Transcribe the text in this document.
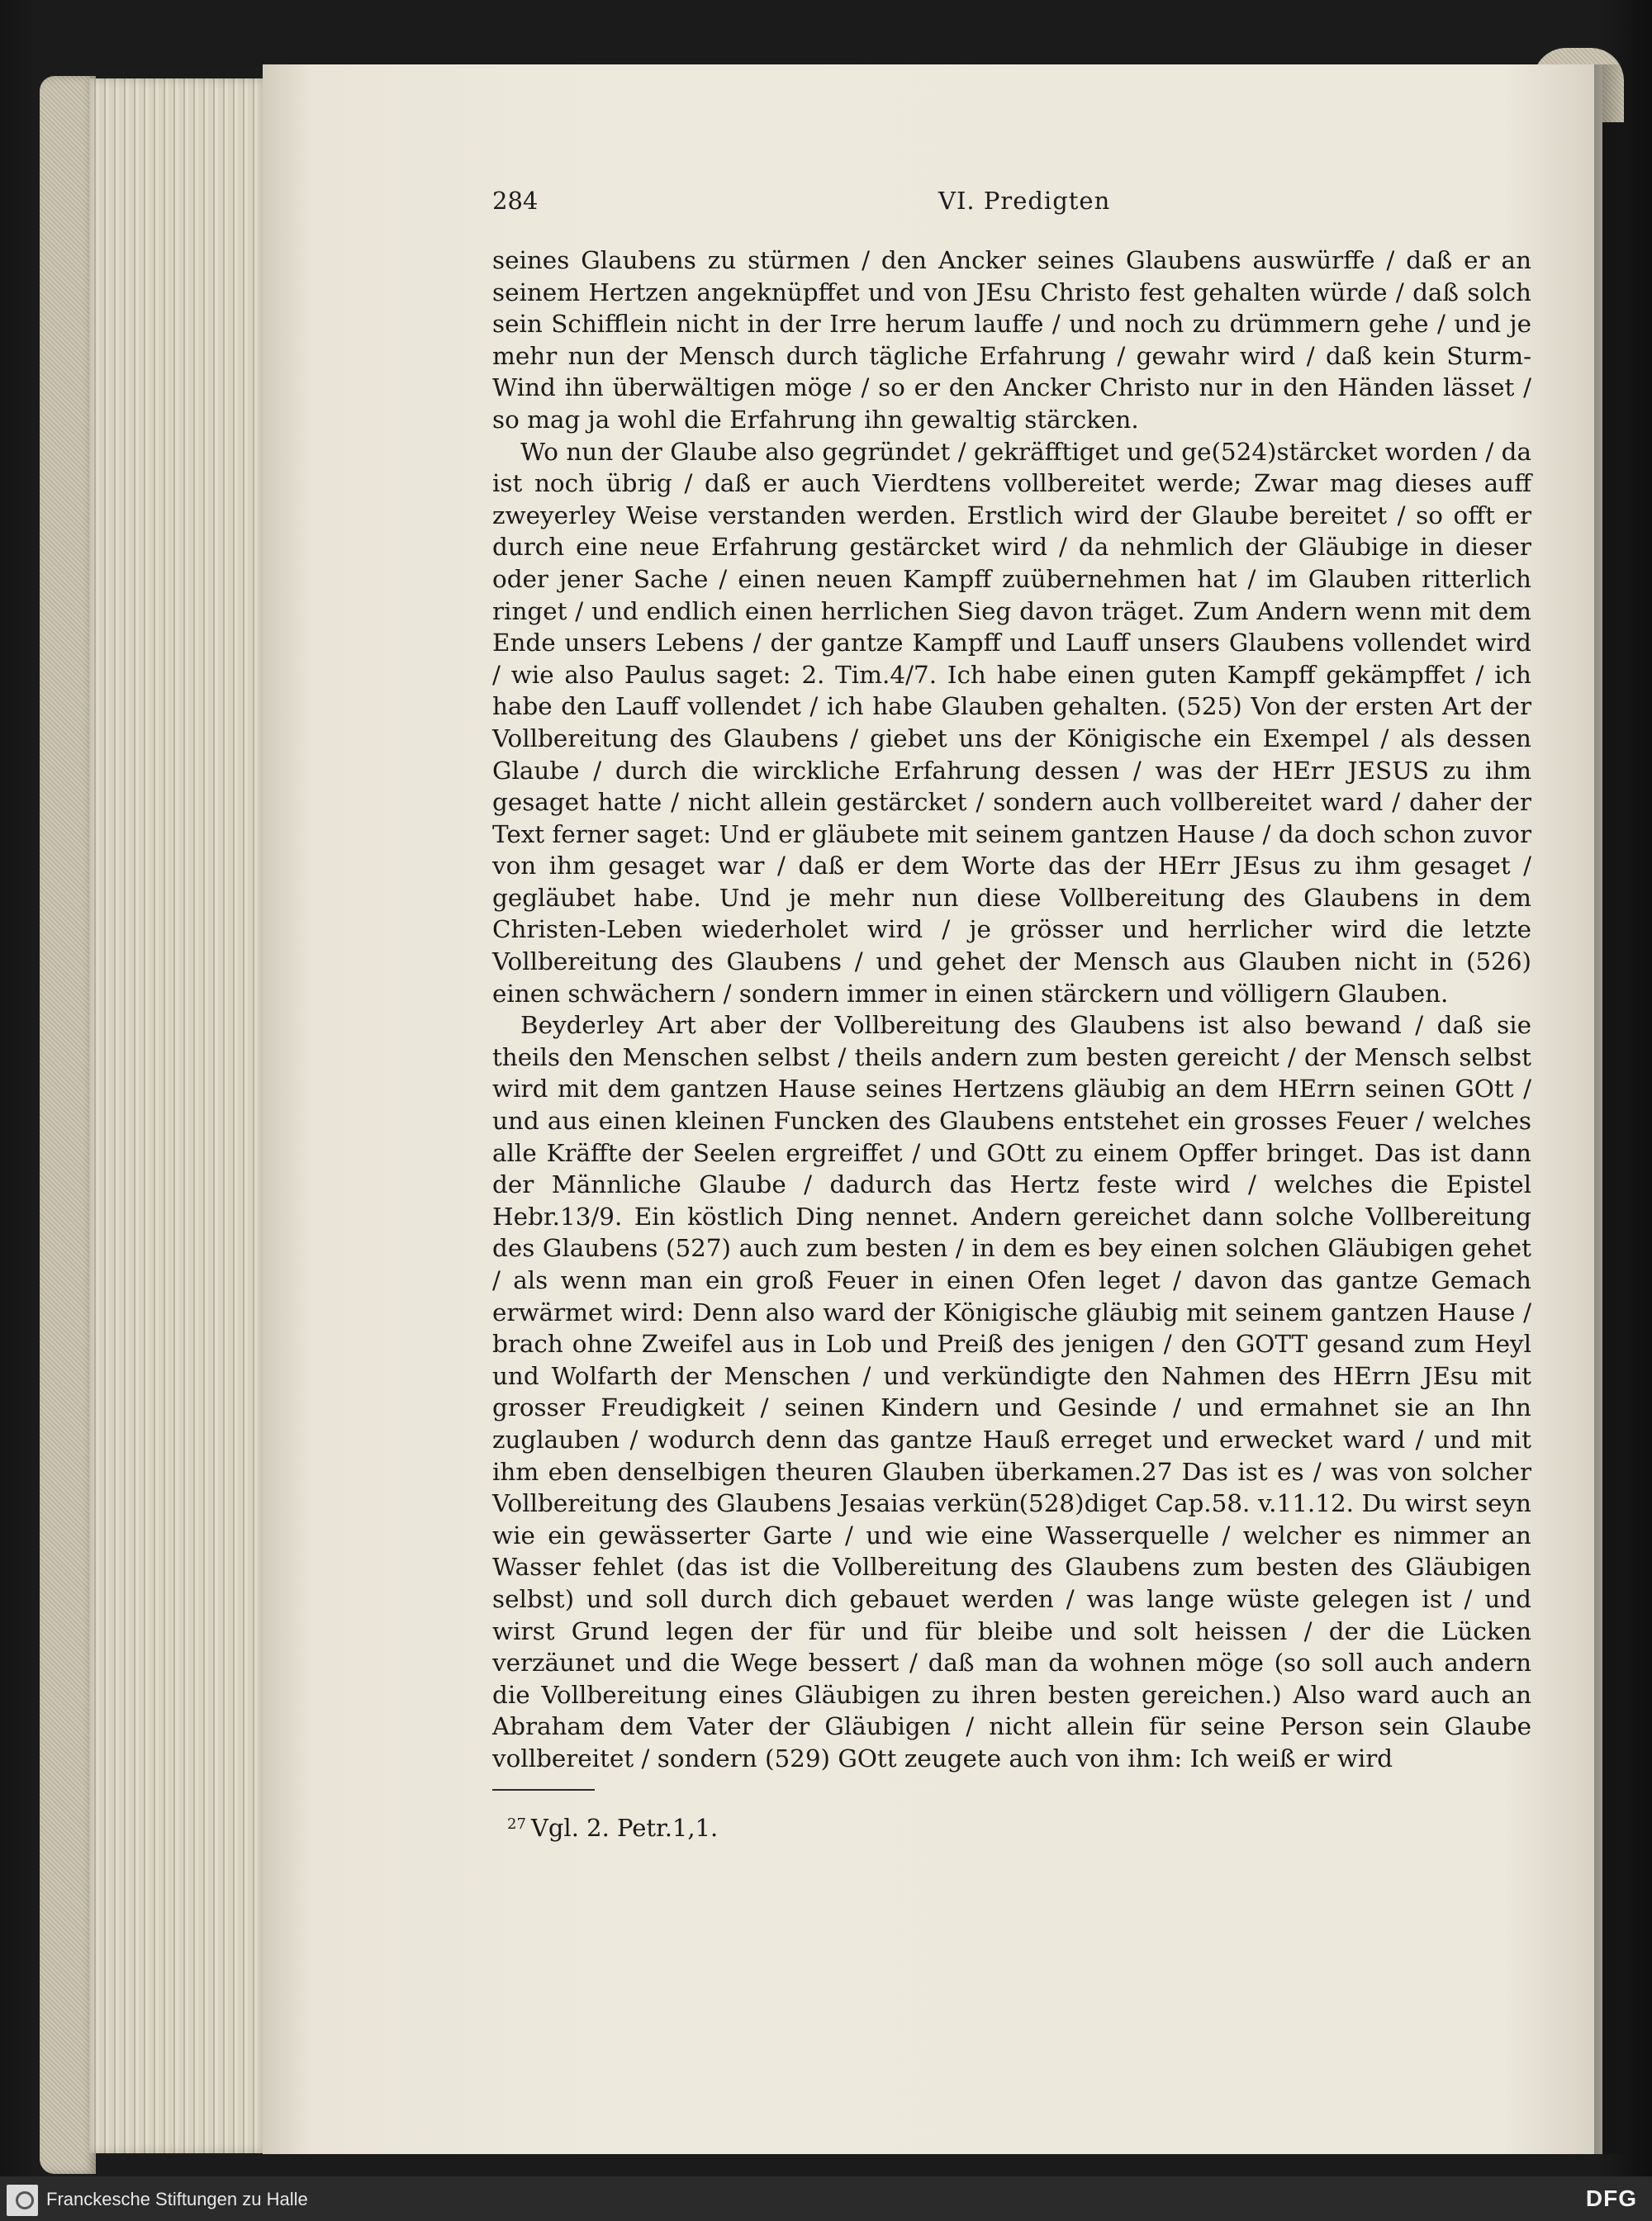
284	VI. Predigten

seines Glaubens zu stürmen / den Ancker seines Glaubens auswürffe / daß er an seinem Hertzen angeknüpffet und von JEsu Christo fest gehalten würde / daß solch sein Schifflein nicht in der Irre herum lauffe / und noch zu drümmern gehe / und je mehr nun der Mensch durch tägliche Erfahrung / gewahr wird / daß kein Sturm-Wind ihn überwältigen möge / so er den Ancker Christo nur in den Händen lässet / so mag ja wohl die Erfahrung ihn gewaltig stärcken.

Wo nun der Glaube also gegründet / gekräfftiget und ge(524)stärcket worden / da ist noch übrig / daß er auch Vierdtens vollbereitet werde; Zwar mag dieses auff zweyerley Weise verstanden werden. Erstlich wird der Glaube bereitet / so offt er durch eine neue Erfahrung gestärcket wird / da nehmlich der Gläubige in dieser oder jener Sache / einen neuen Kampff zuübernehmen hat / im Glauben ritterlich ringet / und endlich einen herrlichen Sieg davon träget. Zum Andern wenn mit dem Ende unsers Lebens / der gantze Kampff und Lauff unsers Glaubens vollendet wird / wie also Paulus saget: 2. Tim.4/7. Ich habe einen guten Kampff gekämpffet / ich habe den Lauff vollendet / ich habe Glauben gehalten. (525) Von der ersten Art der Vollbereitung des Glaubens / giebet uns der Königische ein Exempel / als dessen Glaube / durch die wirckliche Erfahrung dessen / was der HErr JESUS zu ihm gesaget hatte / nicht allein gestärcket / sondern auch vollbereitet ward / daher der Text ferner saget: Und er gläubete mit seinem gantzen Hause / da doch schon zuvor von ihm gesaget war / daß er dem Worte das der HErr JEsus zu ihm gesaget / gegläubet habe. Und je mehr nun diese Vollbereitung des Glaubens in dem Christen-Leben wiederholet wird / je grösser und herrlicher wird die letzte Vollbereitung des Glaubens / und gehet der Mensch aus Glauben nicht in (526) einen schwächern / sondern immer in einen stärckern und völligern Glauben.

Beyderley Art aber der Vollbereitung des Glaubens ist also bewand / daß sie theils den Menschen selbst / theils andern zum besten gereicht / der Mensch selbst wird mit dem gantzen Hause seines Hertzens gläubig an dem HErrn seinen GOtt / und aus einen kleinen Funcken des Glaubens entstehet ein grosses Feuer / welches alle Kräffte der Seelen ergreiffet / und GOtt zu einem Opffer bringet. Das ist dann der Männliche Glaube / dadurch das Hertz feste wird / welches die Epistel Hebr.13/9. Ein köstlich Ding nennet. Andern gereichet dann solche Vollbereitung des Glaubens (527) auch zum besten / in dem es bey einen solchen Gläubigen gehet / als wenn man ein groß Feuer in einen Ofen leget / davon das gantze Gemach erwärmet wird: Denn also ward der Königische gläubig mit seinem gantzen Hause / brach ohne Zweifel aus in Lob und Preiß des jenigen / den GOTT gesand zum Heyl und Wolfarth der Menschen / und verkündigte den Nahmen des HErrn JEsu mit grosser Freudigkeit / seinen Kindern und Gesinde / und ermahnet sie an Ihn zuglauben / wodurch denn das gantze Hauß erreget und erwecket ward / und mit ihm eben denselbigen theuren Glauben überkamen.27 Das ist es / was von solcher Vollbereitung des Glaubens Jesaias verkün(528)diget Cap.58. v.11.12. Du wirst seyn wie ein gewässerter Garte / und wie eine Wasserquelle / welcher es nimmer an Wasser fehlet (das ist die Vollbereitung des Glaubens zum besten des Gläubigen selbst) und soll durch dich gebauet werden / was lange wüste gelegen ist / und wirst Grund legen der für und für bleibe und solt heissen / der die Lücken verzäunet und die Wege bessert / daß man da wohnen möge (so soll auch andern die Vollbereitung eines Gläubigen zu ihren besten gereichen.) Also ward auch an Abraham dem Vater der Gläubigen / nicht allein für seine Person sein Glaube vollbereitet / sondern (529) GOtt zeugete auch von ihm: Ich weiß er wird

$^{27}$ Vgl. 2. Petr.1,1.
Franckesche Stiftungen zu Halle	DFG
